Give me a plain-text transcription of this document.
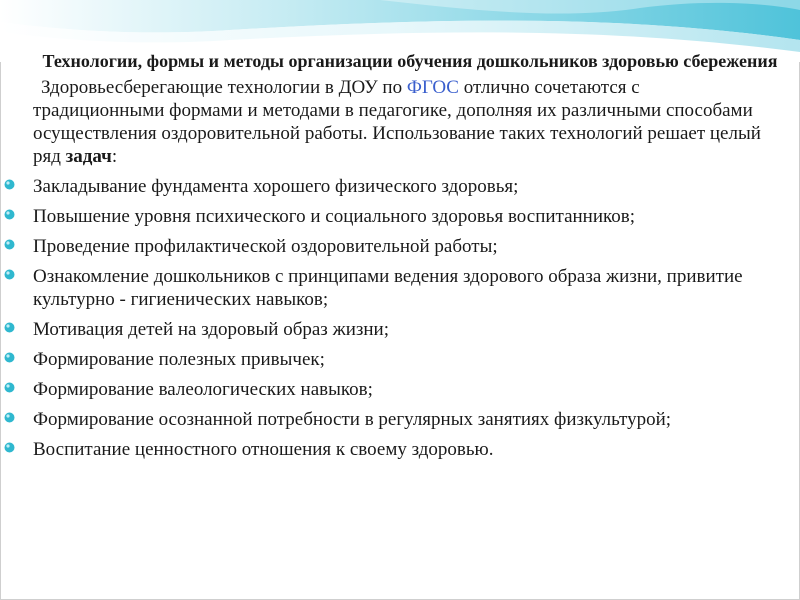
Технологии, формы и методы организации обучения дошкольников здоровью сбережения

Здоровьесберегающие технологии в ДОУ по ФГОС отлично сочетаются с традиционными формами и методами в педагогике, дополняя их различными способами осуществления оздоровительной работы. Использование таких технологий решает целый ряд задач:

Закладывание фундамента хорошего физического здоровья;
Повышение уровня психического и социального здоровья воспитанников;
Проведение профилактической оздоровительной работы;
Ознакомление дошкольников с принципами ведения здорового образа жизни, привитие культурно - гигиенических навыков;
Мотивация детей на здоровый образ жизни;
Формирование полезных привычек;
Формирование валеологических навыков;
Формирование осознанной потребности в регулярных занятиях физкультурой;
Воспитание ценностного отношения к своему здоровью.
